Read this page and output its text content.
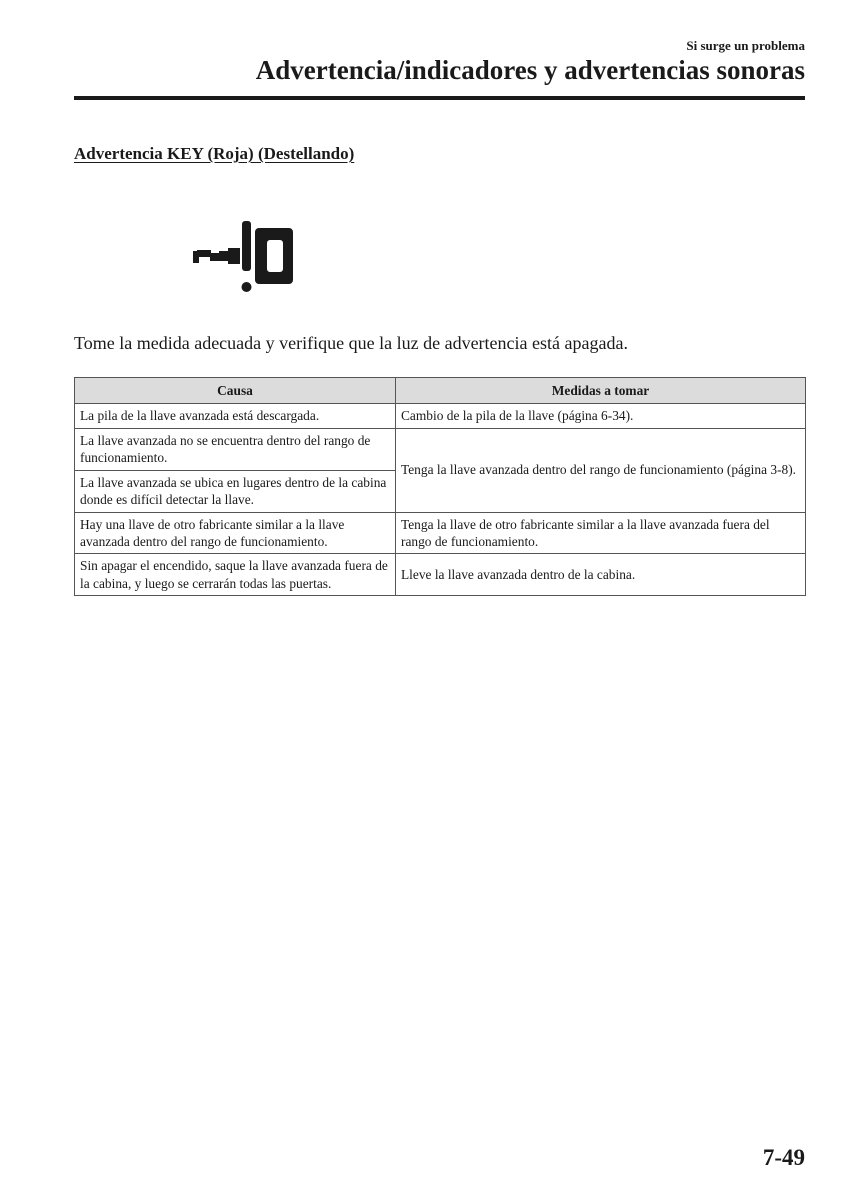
Si surge un problema
Advertencia/indicadores y advertencias sonoras
Advertencia KEY (Roja) (Destellando)
Tome la medida adecuada y verifique que la luz de advertencia está apagada.
Causa	Medidas a tomar
La pila de la llave avanzada está descargada.	Cambio de la pila de la llave (página 6-34).
La llave avanzada no se encuentra dentro del rango de funcionamiento.	Tenga la llave avanzada dentro del rango de funcionamiento (página 3-8).
La llave avanzada se ubica en lugares dentro de la cabina donde es difícil detectar la llave.	
Hay una llave de otro fabricante similar a la llave avanzada dentro del rango de funcionamiento.	Tenga la llave de otro fabricante similar a la llave avanzada fuera del rango de funcionamiento.
Sin apagar el encendido, saque la llave avanzada fuera de la cabina, y luego se cerrarán todas las puertas.	Lleve la llave avanzada dentro de la cabina.
7-49
